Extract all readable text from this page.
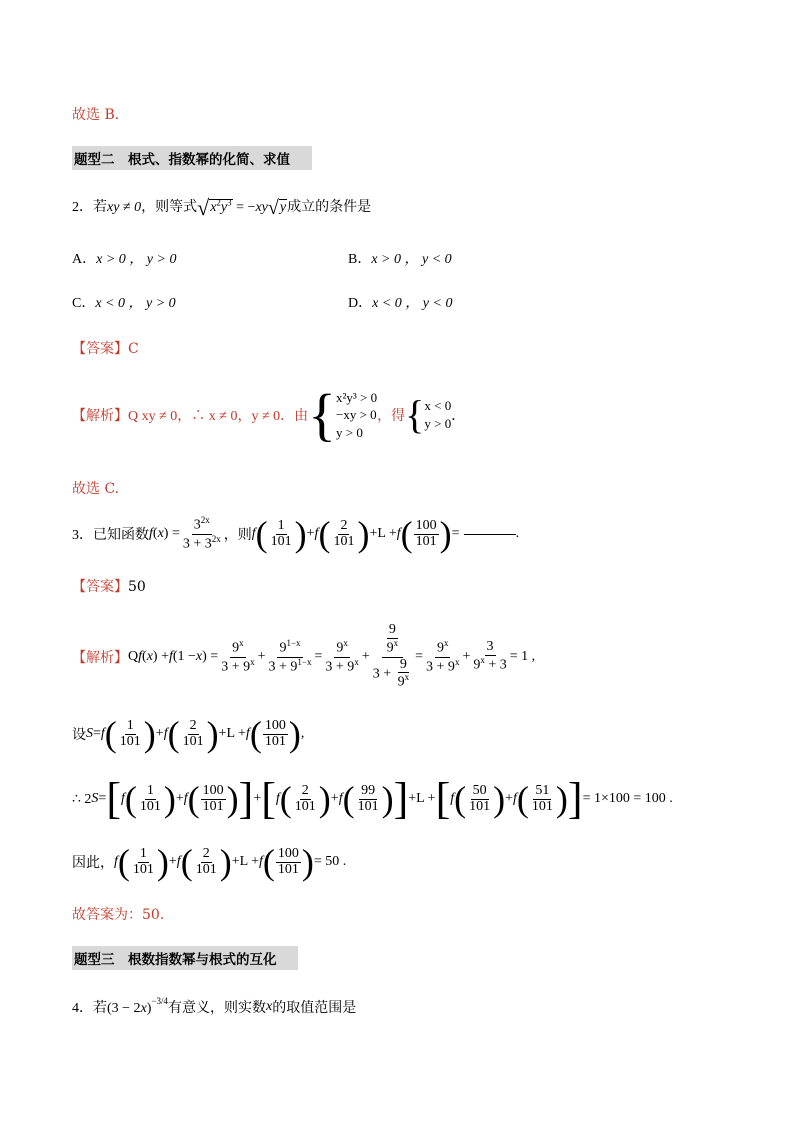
故选 B．
题型二　根式、指数幂的化简、求值
2．若xy ≠ 0，则等式$√x^2y^3 = -xy√y$成立的条件是
A．x > 0 ， y > 0	B．x > 0 ， y < 0
C．x < 0 ， y > 0	D．x < 0 ， y < 0
【答案】C
【解析】 Q xy ≠ 0，∴ x ≠ 0，y ≠ 0．由 { x²y³ > 0
−xy > 0
y > 0
，得 { x < 0
y > 0 ．
故选 C.
3．已知函数 f ( x ) = $\frac{3^{2x}}{3 + 3^{2x}}$ ，则 f ( $\frac{1}{101}$ ) + f ( $\frac{2}{101}$ ) +L + f ( $\frac{100}{101}$ ) =	.
【答案】50
【解析】 Q f ( x ) + f (1 − x ) = $\frac{9^x}{3 + 9^x} + \frac{9^{1-x}}{3 + 9^{1-x}} = \frac{9^x}{3 + 9^x} + \frac{\frac{9}{9^x}}{3 + \frac{9}{9^x}} = \frac{9^x}{3 + 9^x} + \frac{3}{9^x + 3} = 1$ ,
设 S = f ( $\frac{1}{101}$ ) + f ( $\frac{2}{101}$ ) +L + f ( $\frac{100}{101}$ ) ,
∴ 2 S = [ f ( $\frac{1}{101}$ ) + f ( $\frac{100}{101}$ ) ] + [ f ( $\frac{2}{101}$ ) + f ( $\frac{99}{101}$ ) ] +L + [ f ( $\frac{50}{101}$ ) + f ( $\frac{51}{101}$ ) ] = 1×100 = 100 .
因此， f ( $\frac{1}{101}$ ) + f ( $\frac{2}{101}$ ) +L + f ( $\frac{100}{101}$ ) = 50 .
故答案为：50.
题型三　根数指数幂与根式的互化
4．若 $(3 - 2x)^{-3/4}$ 有意义，则实数 x 的取值范围是
